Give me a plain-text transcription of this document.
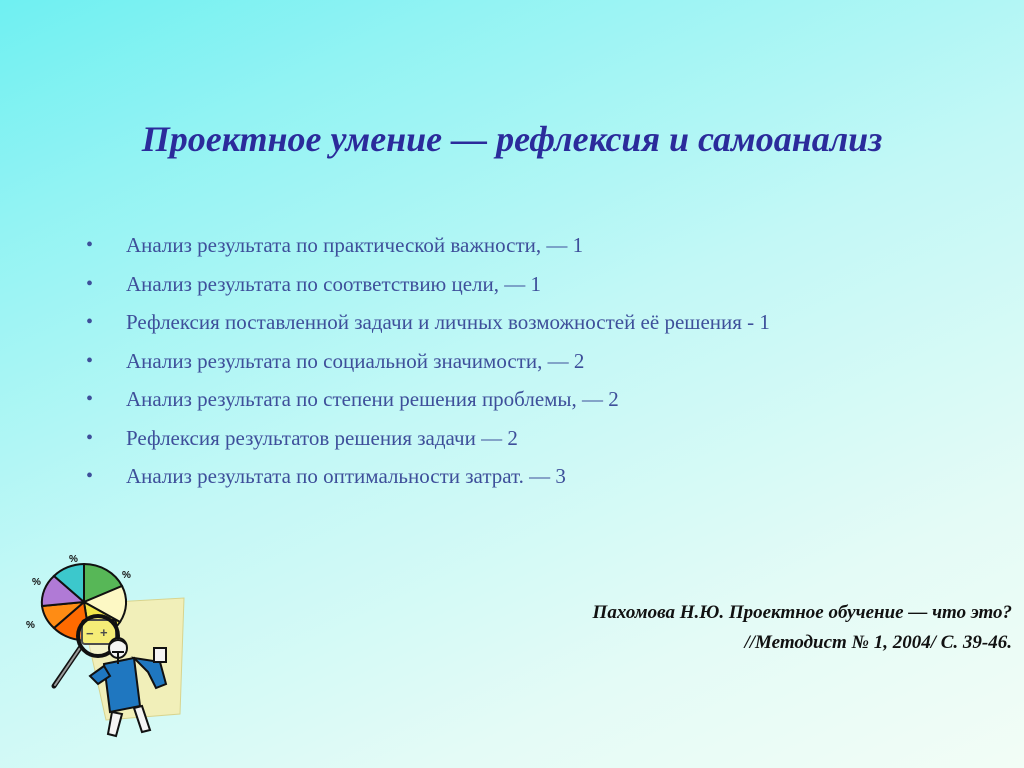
Проектное умение — рефлексия и самоанализ
• Анализ результата по практической важности, — 1
• Анализ результата по соответствию цели, — 1
• Рефлексия поставленной задачи и личных возможностей её решения - 1
• Анализ результата по социальной значимости, — 2
• Анализ результата по степени решения проблемы, — 2
• Рефлексия результатов решения задачи — 2
• Анализ результата по оптимальности затрат. — 3
Пахомова Н.Ю. Проектное обучение — что это?
//Методист № 1, 2004/ С. 39-46.
%
%
%
%
